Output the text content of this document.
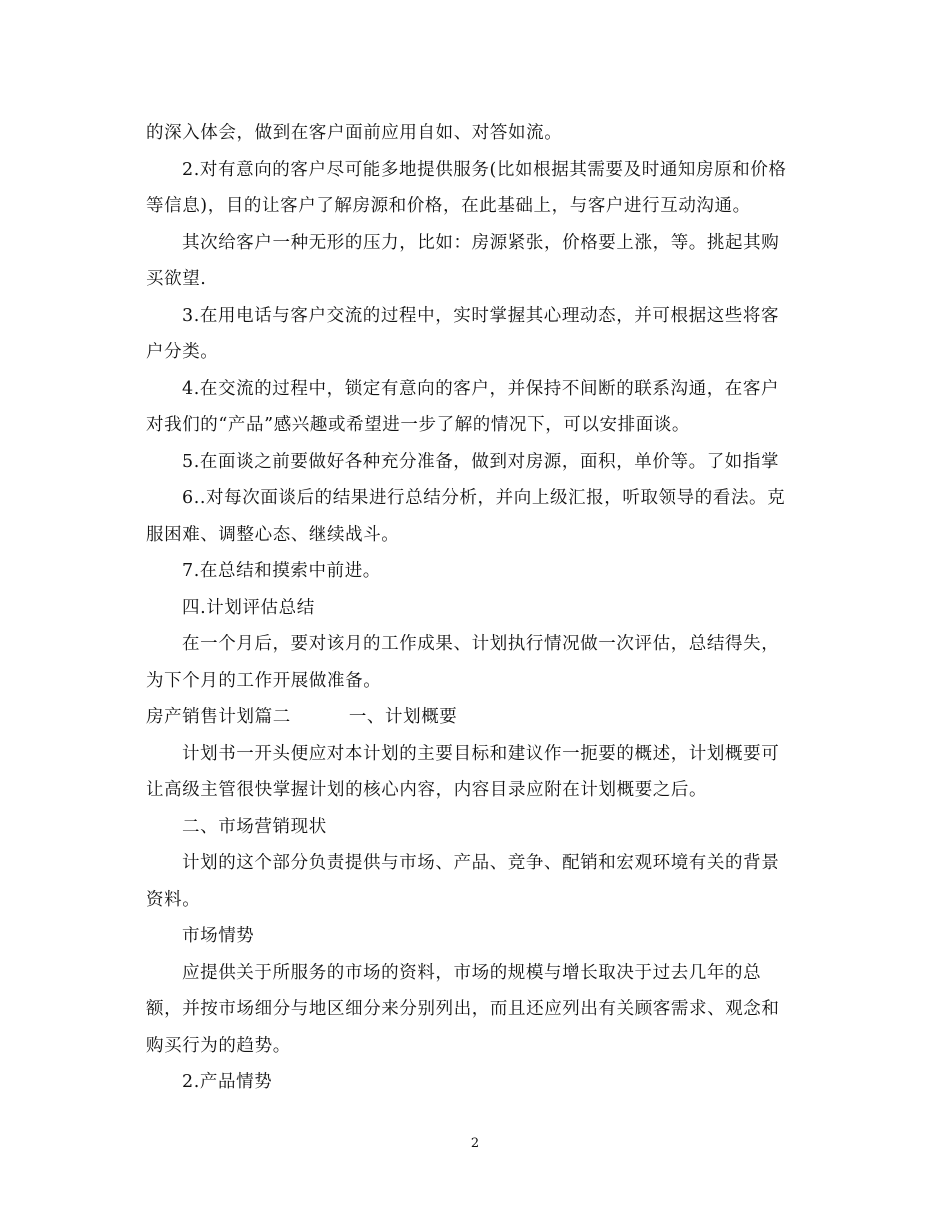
的深入体会，做到在客户面前应用自如、对答如流。

2.对有意向的客户尽可能多地提供服务(比如根据其需要及时通知房原和价格

等信息)，目的让客户了解房源和价格，在此基础上，与客户进行互动沟通。

其次给客户一种无形的压力，比如：房源紧张，价格要上涨，等。挑起其购

买欲望.

3.在用电话与客户交流的过程中，实时掌握其心理动态，并可根据这些将客

户分类。

4.在交流的过程中，锁定有意向的客户，并保持不间断的联系沟通，在客户

对我们的“产品”感兴趣或希望进一步了解的情况下，可以安排面谈。

5.在面谈之前要做好各种充分准备，做到对房源，面积，单价等。了如指掌

6..对每次面谈后的结果进行总结分析，并向上级汇报，听取领导的看法。克

服困难、调整心态、继续战斗。

7.在总结和摸索中前进。

四.计划评估总结

在一个月后，要对该月的工作成果、计划执行情况做一次评估，总结得失，

为下个月的工作开展做准备。

房产销售计划篇二	一、计划概要

计划书一开头便应对本计划的主要目标和建议作一扼要的概述，计划概要可

让高级主管很快掌握计划的核心内容，内容目录应附在计划概要之后。

二、市场营销现状

计划的这个部分负责提供与市场、产品、竞争、配销和宏观环境有关的背景

资料。

市场情势

应提供关于所服务的市场的资料，市场的规模与增长取决于过去几年的总

额，并按市场细分与地区细分来分别列出，而且还应列出有关顾客需求、观念和

购买行为的趋势。

2.产品情势

2
